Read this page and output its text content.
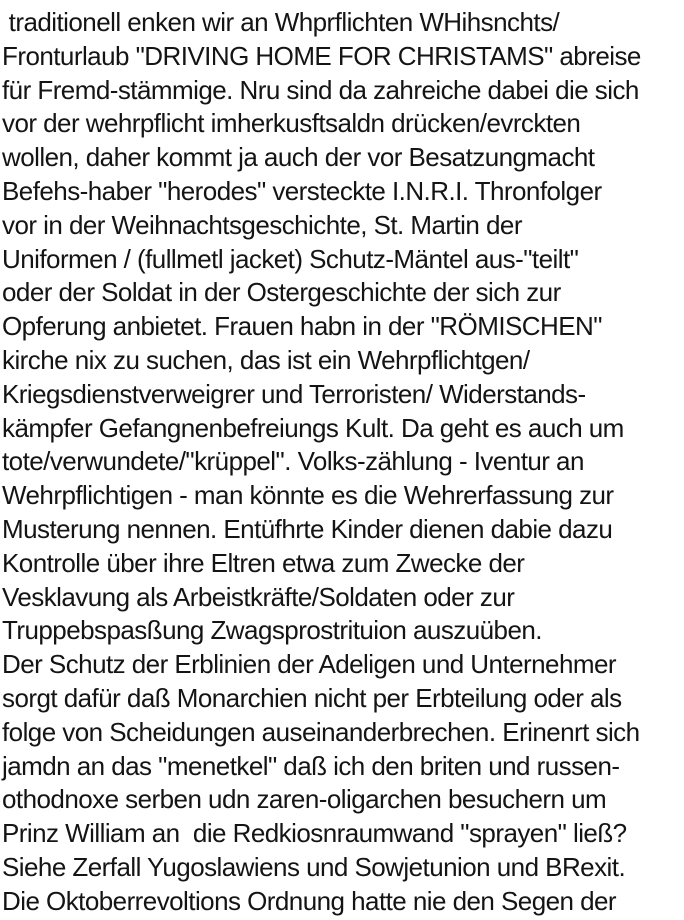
traditionell enken wir an Whprflichten WHihsnchts/
Fronturlaub "DRIVING HOME FOR CHRISTAMS" abreise
für Fremd-stämmige. Nru sind da zahreiche dabei die sich
vor der wehrpflicht imherkusftsaldn drücken/evrckten
wollen, daher kommt ja auch der vor Besatzungmacht
Befehs-haber "herodes" versteckte I.N.R.I. Thronfolger
vor in der Weihnachtsgeschichte, St. Martin der
Uniformen / (fullmetl jacket) Schutz-Mäntel aus-"teilt"
oder der Soldat in der Ostergeschichte der sich zur
Opferung anbietet. Frauen habn in der "RÖMISCHEN"
kirche nix zu suchen, das ist ein Wehrpflichtgen/
Kriegsdienstverweigrer und Terroristen/ Widerstands-
kämpfer Gefangnenbefreiungs Kult. Da geht es auch um
tote/verwundete/"krüppel". Volks-zählung - Iventur an
Wehrpflichtigen - man könnte es die Wehrerfassung zur
Musterung nennen. Entüfhrte Kinder dienen dabie dazu
Kontrolle über ihre Eltren etwa zum Zwecke der
Vesklavung als Arbeistkräfte/Soldaten oder zur
Truppebspasßung Zwagsprostrituion auszuüben.
Der Schutz der Erblinien der Adeligen und Unternehmer
sorgt dafür daß Monarchien nicht per Erbteilung oder als
folge von Scheidungen auseinanderbrechen. Erinenrt sich
jamdn an das "menetkel" daß ich den briten und russen-
othodnoxe serben udn zaren-oligarchen besuchern um
Prinz William an  die Redkiosnraumwand "sprayen" ließ?
Siehe Zerfall Yugoslawiens und Sowjetunion und BRexit.
Die Oktoberrevoltions Ordnung hatte nie den Segen der
